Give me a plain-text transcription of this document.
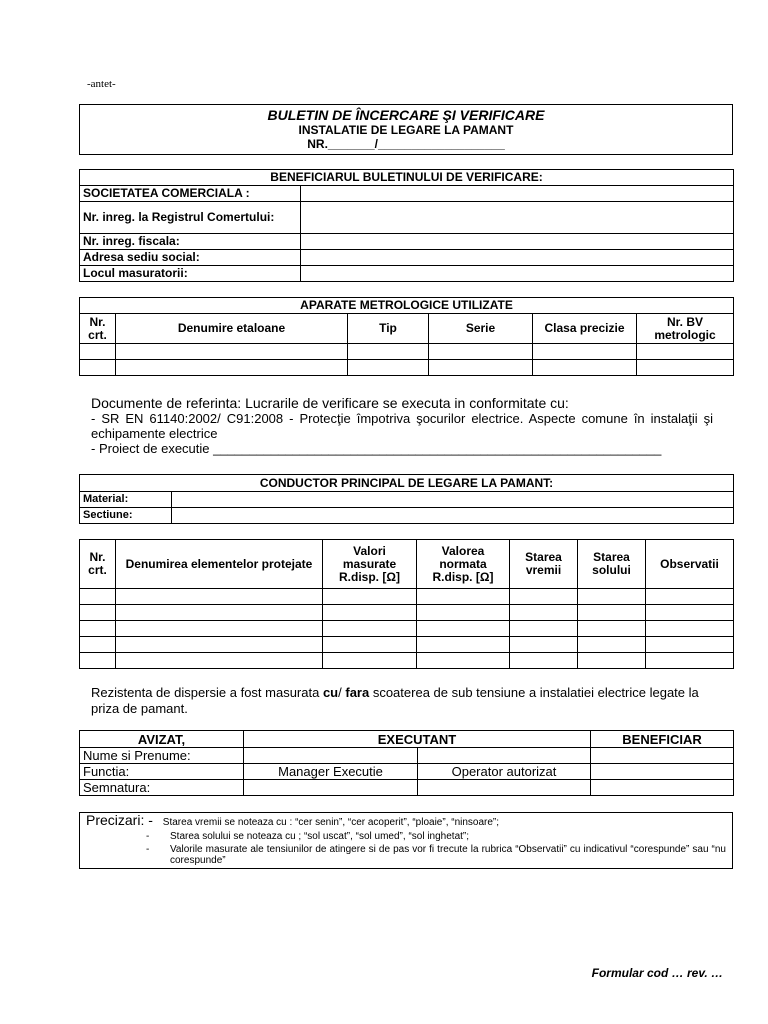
-antet-
BULETIN DE ÎNCERCARE ŞI VERIFICARE
INSTALATIE DE LEGARE LA PAMANT
NR._______/___________________
BENEFICIARUL BULETINULUI DE VERIFICARE:	
SOCIETATEA COMERCIALA :	
Nr. inreg. la Registrul Comertului:	
Nr. inreg. fiscala:	
Adresa sediu social:	
Locul masuratorii:	
APARATE METROLOGICE UTILIZATE					
Nr. crt.	Denumire etaloane	Tip	Serie	Clasa precizie	Nr. BV metrologic

Documente de referinta: Lucrarile de verificare se executa in conformitate cu:
- SR EN 61140:2002/ C91:2008 - Protecţie împotriva şocurilor electrice. Aspecte comune în instalaţii şi echipamente electrice
- Proiect de executie ______________________________________________________________
CONDUCTOR PRINCIPAL DE LEGARE LA PAMANT:	
Material:	
Sectiune:	
Nr. crt.	Denumirea elementelor protejate	Valori masurate R.disp. [Ω]	Valorea normata R.disp. [Ω]	Starea vremii	Starea solului	Observatii

Rezistenta de dispersie a fost masurata cu/ fara scoaterea de sub tensiune a instalatiei electrice legate la priza de pamant.
AVIZAT,	EXECUTANT		BENEFICIAR
Nume si Prenume:			
Functia:	Manager Executie	Operator autorizat	
Semnatura:			
Precizari: - Starea vremii se noteaza cu : “cer senin”, “cer acoperit”, “ploaie”, “ninsoare”;
-	Starea solului se noteaza cu ; “sol uscat”, “sol umed”, “sol inghetat”;
-	Valorile masurate ale tensiunilor de atingere si de pas vor fi trecute la rubrica “Observatii” cu indicativul “corespunde” sau “nu corespunde”
Formular cod … rev. …
